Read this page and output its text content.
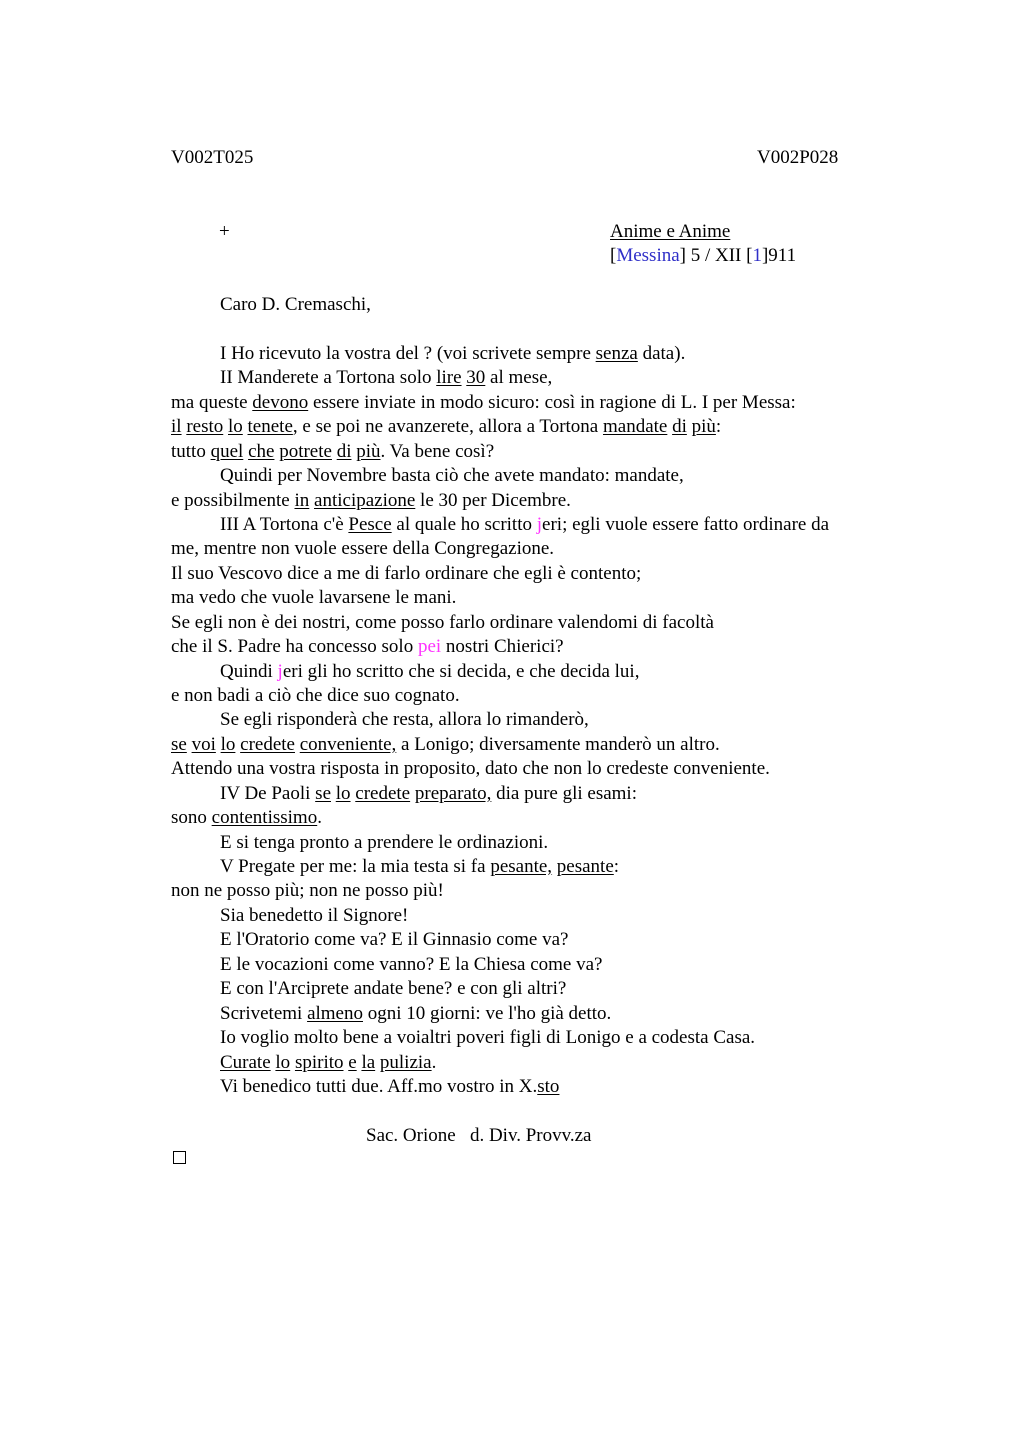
V002T025	V002P028
+	Anime e Anime
[Messina] 5 / XII [1]911
Caro D. Cremaschi,
I Ho ricevuto la vostra del ? (voi scrivete sempre senza data).
II Manderete a Tortona solo lire 30 al mese,
ma queste devono essere inviate in modo sicuro: così in ragione di L. I per Messa:
il resto lo tenete, e se poi ne avanzerete, allora a Tortona mandate di più:
tutto quel che potrete di più. Va bene così?
Quindi per Novembre basta ciò che avete mandato: mandate,
e possibilmente in anticipazione le 30 per Dicembre.
III A Tortona c'è Pesce al quale ho scritto jeri; egli vuole essere fatto ordinare da
me, mentre non vuole essere della Congregazione.
Il suo Vescovo dice a me di farlo ordinare che egli è contento;
ma vedo che vuole lavarsene le mani.
Se egli non è dei nostri, come posso farlo ordinare valendomi di facoltà
che il S. Padre ha concesso solo pei nostri Chierici?
Quindi jeri gli ho scritto che si decida, e che decida lui,
e non badi a ciò che dice suo cognato.
Se egli risponderà che resta, allora lo rimanderò,
se voi lo credete conveniente, a Lonigo; diversamente manderò un altro.
Attendo una vostra risposta in proposito, dato che non lo credeste conveniente.
IV De Paoli se lo credete preparato, dia pure gli esami:
sono contentissimo.
E si tenga pronto a prendere le ordinazioni.
V Pregate per me: la mia testa si fa pesante, pesante:
non ne posso più; non ne posso più!
Sia benedetto il Signore!
E l'Oratorio come va? E il Ginnasio come va?
E le vocazioni come vanno? E la Chiesa come va?
E con l'Arciprete andate bene? e con gli altri?
Scrivetemi almeno ogni 10 giorni: ve l'ho già detto.
Io voglio molto bene a voialtri poveri figli di Lonigo e a codesta Casa.
Curate lo spirito e la pulizia.
Vi benedico tutti due. Aff.mo vostro in X.sto
Sac. Orione   d. Div. Provv.za
